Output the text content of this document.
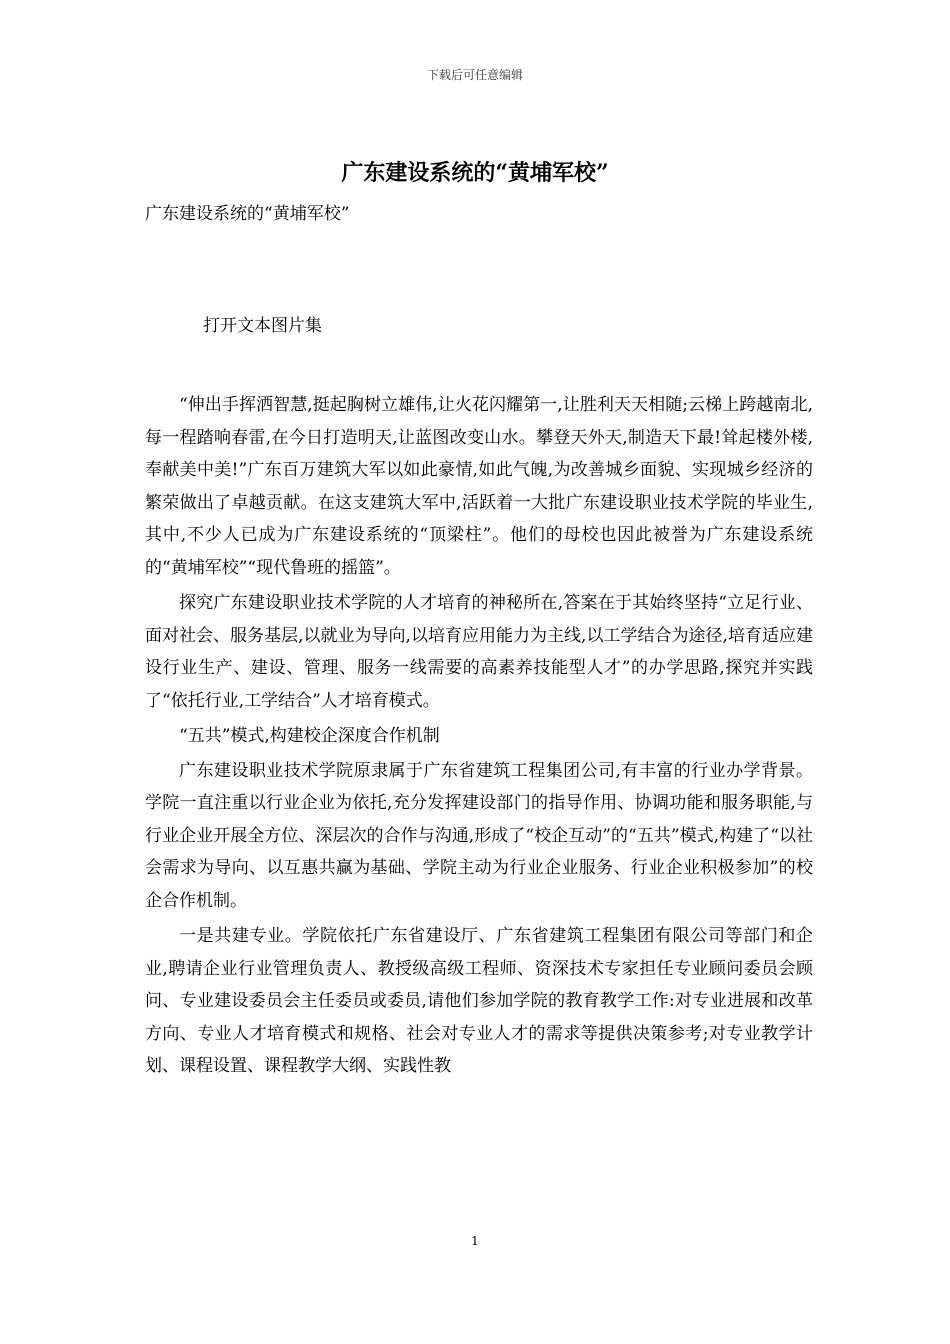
下载后可任意编辑
广东建设系统的“黄埔军校”

广东建设系统的“黄埔军校”

打开文本图片集

“伸出手挥洒智慧,挺起胸树立雄伟,让火花闪耀第一,让胜利天天相随;云梯上跨越南北,每一程踏响春雷,在今日打造明天,让蓝图改变山水。攀登天外天,制造天下最!耸起楼外楼,奉献美中美!”广东百万建筑大军以如此豪情,如此气魄,为改善城乡面貌、实现城乡经济的繁荣做出了卓越贡献。在这支建筑大军中,活跃着一大批广东建设职业技术学院的毕业生,其中,不少人已成为广东建设系统的“顶梁柱”。他们的母校也因此被誉为广东建设系统的“黄埔军校”“现代鲁班的摇篮”。

探究广东建设职业技术学院的人才培育的神秘所在,答案在于其始终坚持“立足行业、面对社会、服务基层,以就业为导向,以培育应用能力为主线,以工学结合为途径,培育适应建设行业生产、建设、管理、服务一线需要的高素养技能型人才”的办学思路,探究并实践了“依托行业,工学结合”人才培育模式。

“五共”模式,构建校企深度合作机制

广东建设职业技术学院原隶属于广东省建筑工程集团公司,有丰富的行业办学背景。学院一直注重以行业企业为依托,充分发挥建设部门的指导作用、协调功能和服务职能,与行业企业开展全方位、深层次的合作与沟通,形成了“校企互动”的“五共”模式,构建了“以社会需求为导向、以互惠共赢为基础、学院主动为行业企业服务、行业企业积极参加”的校企合作机制。

一是共建专业。学院依托广东省建设厅、广东省建筑工程集团有限公司等部门和企业,聘请企业行业管理负责人、教授级高级工程师、资深技术专家担任专业顾问委员会顾问、专业建设委员会主任委员或委员,请他们参加学院的教育教学工作:对专业进展和改革方向、专业人才培育模式和规格、社会对专业人才的需求等提供决策参考;对专业教学计划、课程设置、课程教学大纲、实践性教

1
